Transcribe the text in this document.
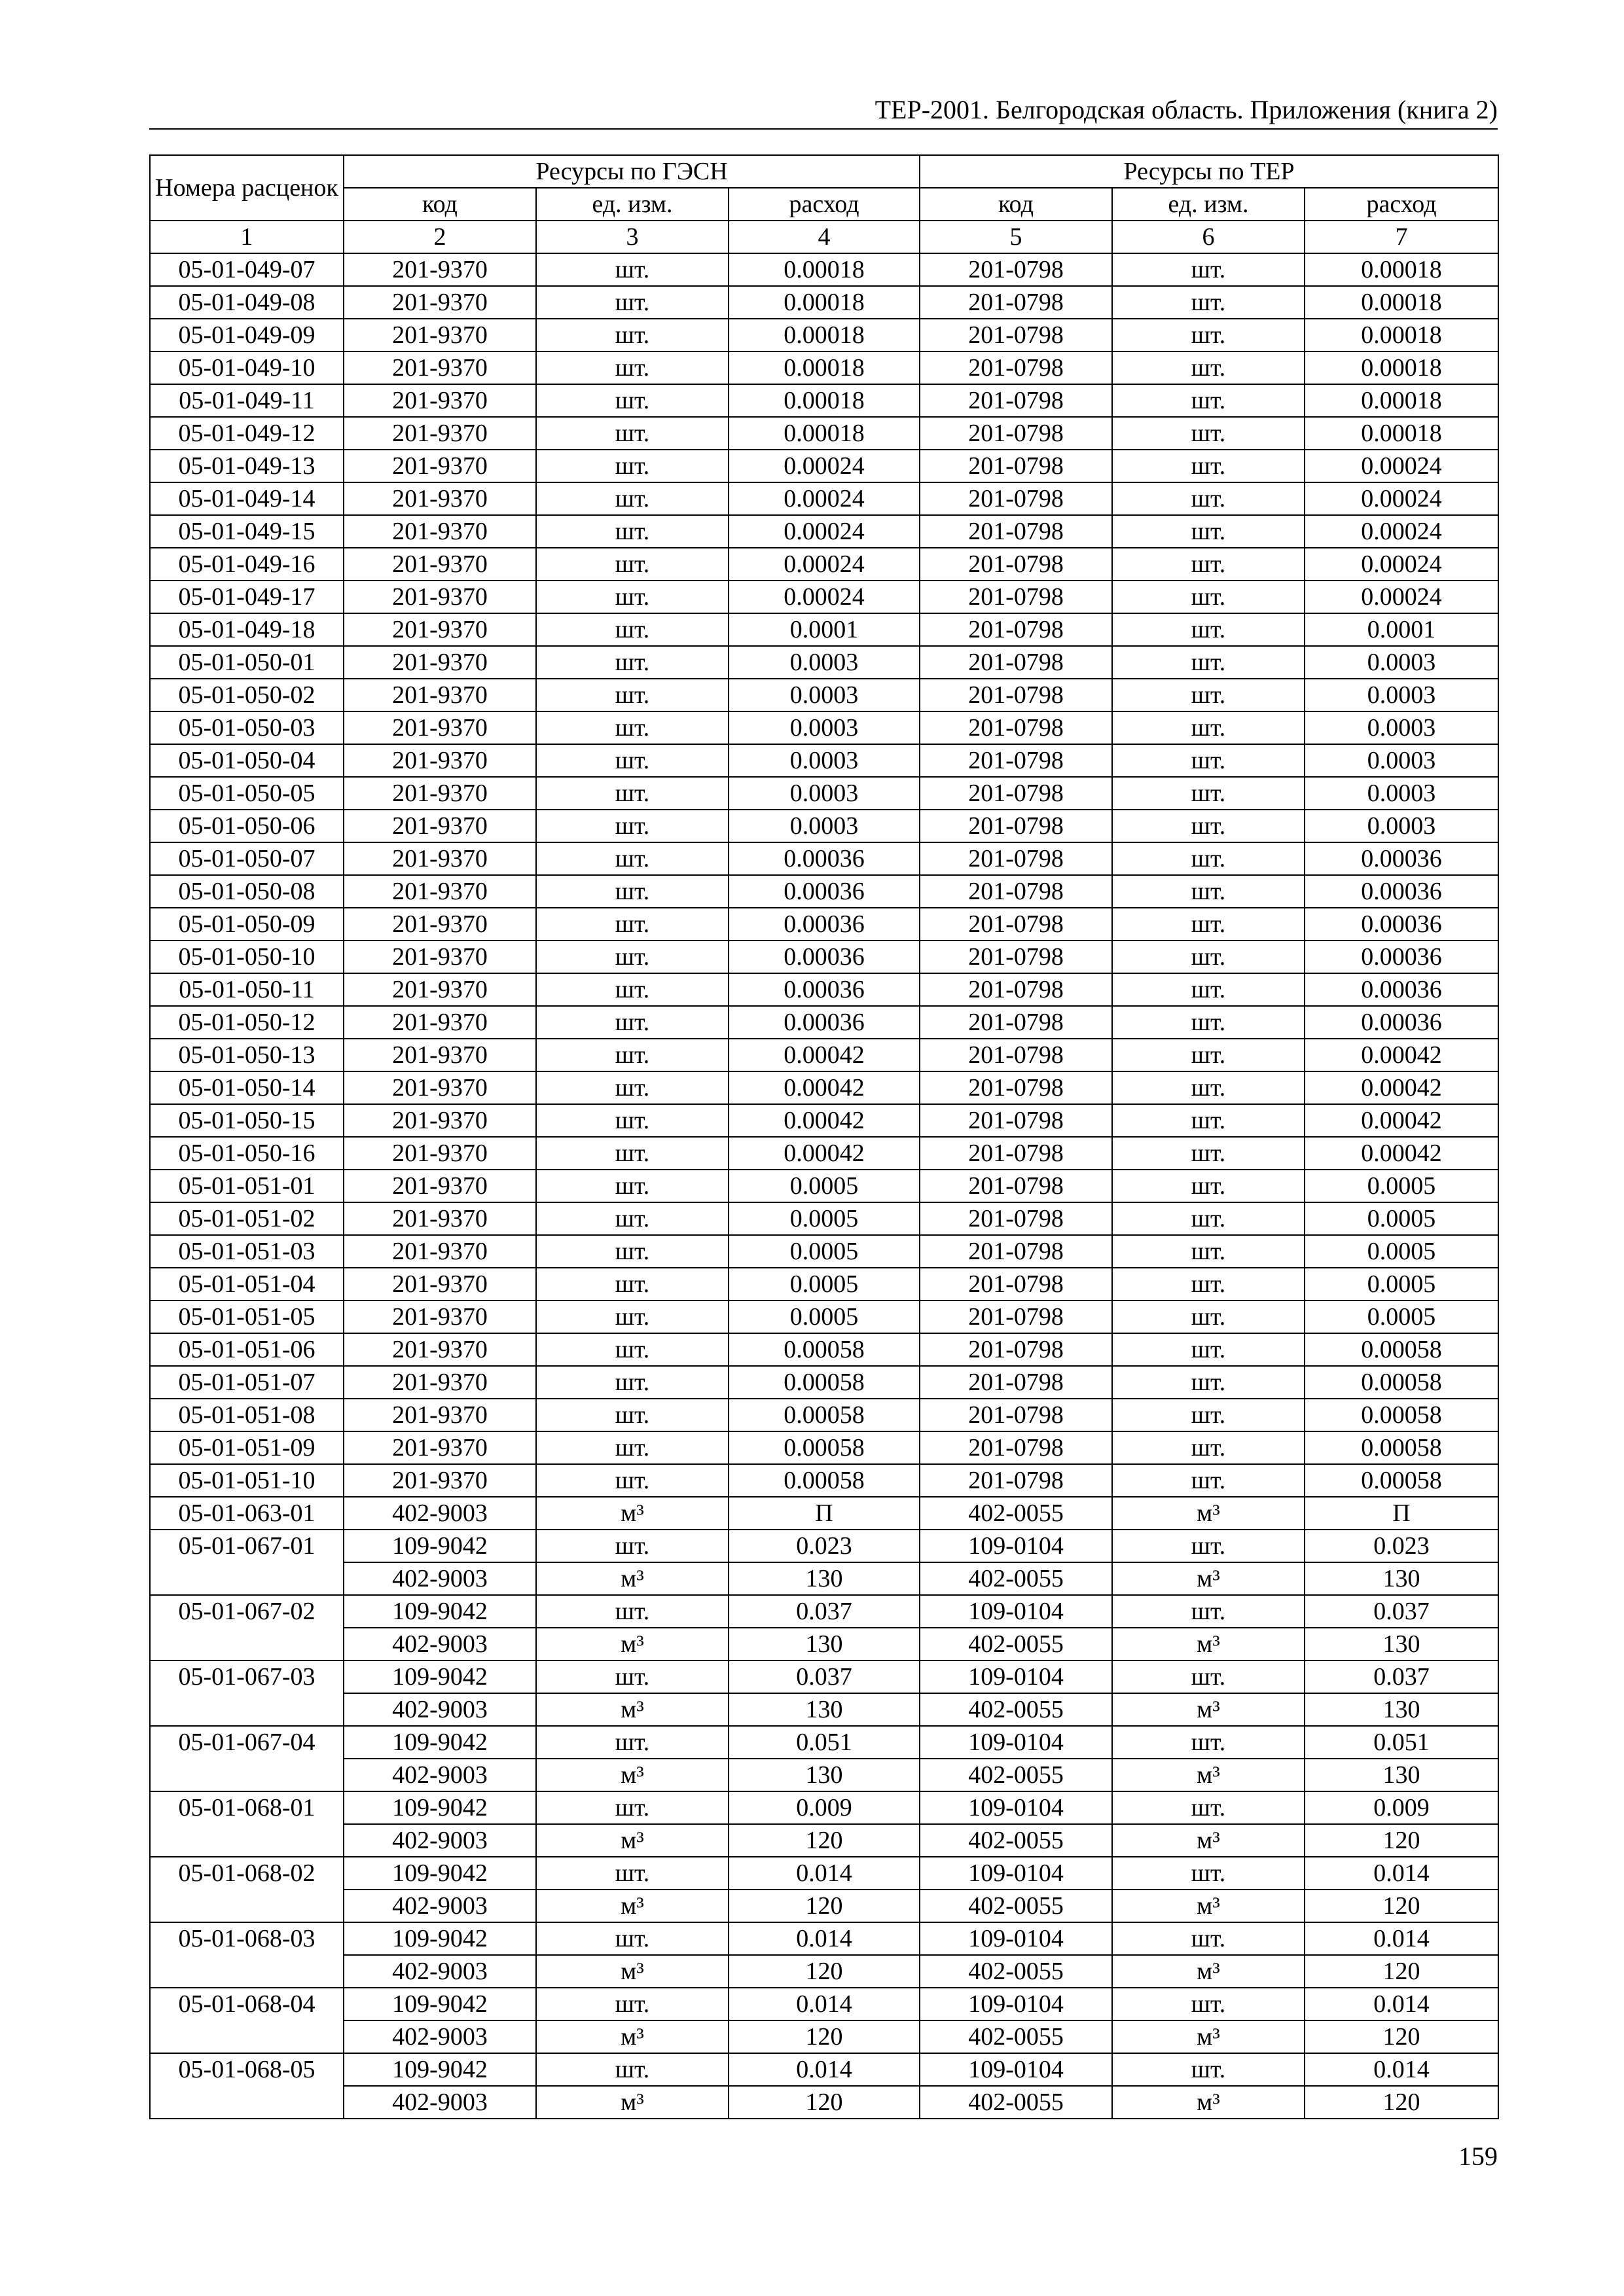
ТЕР-2001. Белгородская область. Приложения (книга 2)
Номера расценок	Ресурсы по ГЭСН			Ресурсы по ТЕР		
	код	ед. изм.	расход	код	ед. изм.	расход
1	2	3	4	5	6	7
05-01-049-07	201-9370	шт.	0.00018	201-0798	шт.	0.00018
05-01-049-08	201-9370	шт.	0.00018	201-0798	шт.	0.00018
05-01-049-09	201-9370	шт.	0.00018	201-0798	шт.	0.00018
05-01-049-10	201-9370	шт.	0.00018	201-0798	шт.	0.00018
05-01-049-11	201-9370	шт.	0.00018	201-0798	шт.	0.00018
05-01-049-12	201-9370	шт.	0.00018	201-0798	шт.	0.00018
05-01-049-13	201-9370	шт.	0.00024	201-0798	шт.	0.00024
05-01-049-14	201-9370	шт.	0.00024	201-0798	шт.	0.00024
05-01-049-15	201-9370	шт.	0.00024	201-0798	шт.	0.00024
05-01-049-16	201-9370	шт.	0.00024	201-0798	шт.	0.00024
05-01-049-17	201-9370	шт.	0.00024	201-0798	шт.	0.00024
05-01-049-18	201-9370	шт.	0.0001	201-0798	шт.	0.0001
05-01-050-01	201-9370	шт.	0.0003	201-0798	шт.	0.0003
05-01-050-02	201-9370	шт.	0.0003	201-0798	шт.	0.0003
05-01-050-03	201-9370	шт.	0.0003	201-0798	шт.	0.0003
05-01-050-04	201-9370	шт.	0.0003	201-0798	шт.	0.0003
05-01-050-05	201-9370	шт.	0.0003	201-0798	шт.	0.0003
05-01-050-06	201-9370	шт.	0.0003	201-0798	шт.	0.0003
05-01-050-07	201-9370	шт.	0.00036	201-0798	шт.	0.00036
05-01-050-08	201-9370	шт.	0.00036	201-0798	шт.	0.00036
05-01-050-09	201-9370	шт.	0.00036	201-0798	шт.	0.00036
05-01-050-10	201-9370	шт.	0.00036	201-0798	шт.	0.00036
05-01-050-11	201-9370	шт.	0.00036	201-0798	шт.	0.00036
05-01-050-12	201-9370	шт.	0.00036	201-0798	шт.	0.00036
05-01-050-13	201-9370	шт.	0.00042	201-0798	шт.	0.00042
05-01-050-14	201-9370	шт.	0.00042	201-0798	шт.	0.00042
05-01-050-15	201-9370	шт.	0.00042	201-0798	шт.	0.00042
05-01-050-16	201-9370	шт.	0.00042	201-0798	шт.	0.00042
05-01-051-01	201-9370	шт.	0.0005	201-0798	шт.	0.0005
05-01-051-02	201-9370	шт.	0.0005	201-0798	шт.	0.0005
05-01-051-03	201-9370	шт.	0.0005	201-0798	шт.	0.0005
05-01-051-04	201-9370	шт.	0.0005	201-0798	шт.	0.0005
05-01-051-05	201-9370	шт.	0.0005	201-0798	шт.	0.0005
05-01-051-06	201-9370	шт.	0.00058	201-0798	шт.	0.00058
05-01-051-07	201-9370	шт.	0.00058	201-0798	шт.	0.00058
05-01-051-08	201-9370	шт.	0.00058	201-0798	шт.	0.00058
05-01-051-09	201-9370	шт.	0.00058	201-0798	шт.	0.00058
05-01-051-10	201-9370	шт.	0.00058	201-0798	шт.	0.00058
05-01-063-01	402-9003	м³	П	402-0055	м³	П
05-01-067-01	109-9042	шт.	0.023	109-0104	шт.	0.023
	402-9003	м³	130	402-0055	м³	130
05-01-067-02	109-9042	шт.	0.037	109-0104	шт.	0.037
	402-9003	м³	130	402-0055	м³	130
05-01-067-03	109-9042	шт.	0.037	109-0104	шт.	0.037
	402-9003	м³	130	402-0055	м³	130
05-01-067-04	109-9042	шт.	0.051	109-0104	шт.	0.051
	402-9003	м³	130	402-0055	м³	130
05-01-068-01	109-9042	шт.	0.009	109-0104	шт.	0.009
	402-9003	м³	120	402-0055	м³	120
05-01-068-02	109-9042	шт.	0.014	109-0104	шт.	0.014
	402-9003	м³	120	402-0055	м³	120
05-01-068-03	109-9042	шт.	0.014	109-0104	шт.	0.014
	402-9003	м³	120	402-0055	м³	120
05-01-068-04	109-9042	шт.	0.014	109-0104	шт.	0.014
	402-9003	м³	120	402-0055	м³	120
05-01-068-05	109-9042	шт.	0.014	109-0104	шт.	0.014
	402-9003	м³	120	402-0055	м³	120
159
